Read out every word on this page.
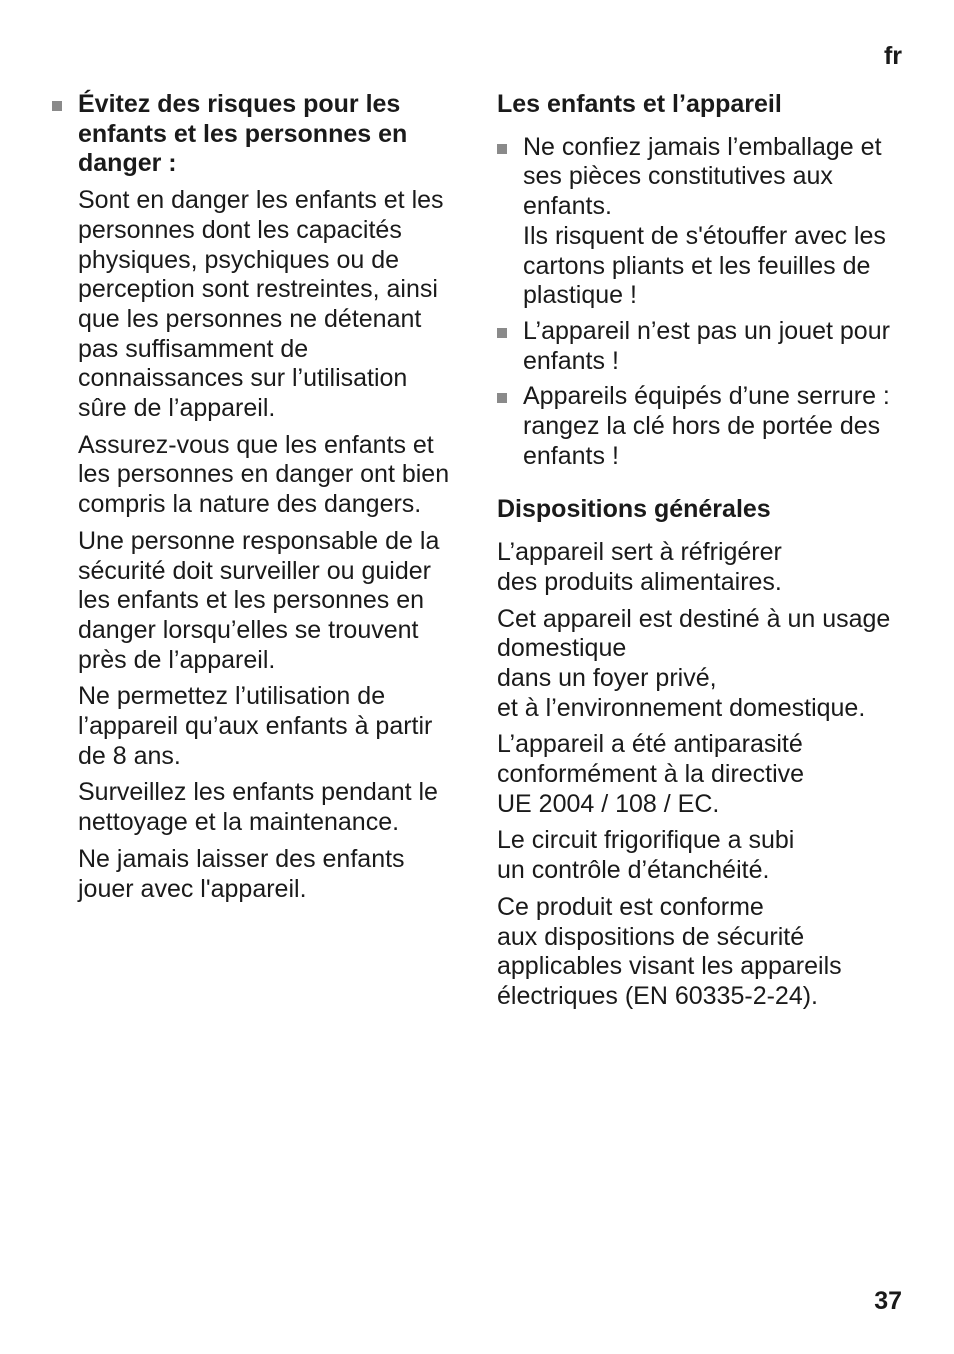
fr
Évitez des risques pour les enfants et les personnes en danger :
Sont en danger les enfants et les personnes dont les capacités physiques, psychiques ou de perception sont restreintes, ainsi que les personnes ne détenant pas suffisamment de connaissances sur l’utilisation sûre de l’appareil.
Assurez-vous que les enfants et les personnes en danger ont bien compris la nature des dangers.
Une personne responsable de la sécurité doit surveiller ou guider les enfants et les personnes en danger lorsqu’elles se trouvent près de l’appareil.
Ne permettez l’utilisation de l’appareil qu’aux enfants à partir de 8 ans.
Surveillez les enfants pendant le nettoyage et la maintenance.
Ne jamais laisser des enfants jouer avec l'appareil.
Les enfants et l’appareil
Ne confiez jamais l’emballage et ses pièces constitutives aux enfants.
Ils risquent de s'étouffer avec les cartons pliants et les feuilles de plastique !
L’appareil n’est pas un jouet pour enfants !
Appareils équipés d’une serrure :
rangez la clé hors de portée des enfants !
Dispositions générales
L’appareil sert à réfrigérer
des produits alimentaires.
Cet appareil est destiné à un usage domestique
dans un foyer privé,
et à l’environnement domestique.
L’appareil a été antiparasité conformément à la directive
UE 2004 / 108 / EC.
Le circuit frigorifique a subi
un contrôle d’étanchéité.
Ce produit est conforme
aux dispositions de sécurité applicables visant les appareils électriques (EN 60335-2-24).
37
